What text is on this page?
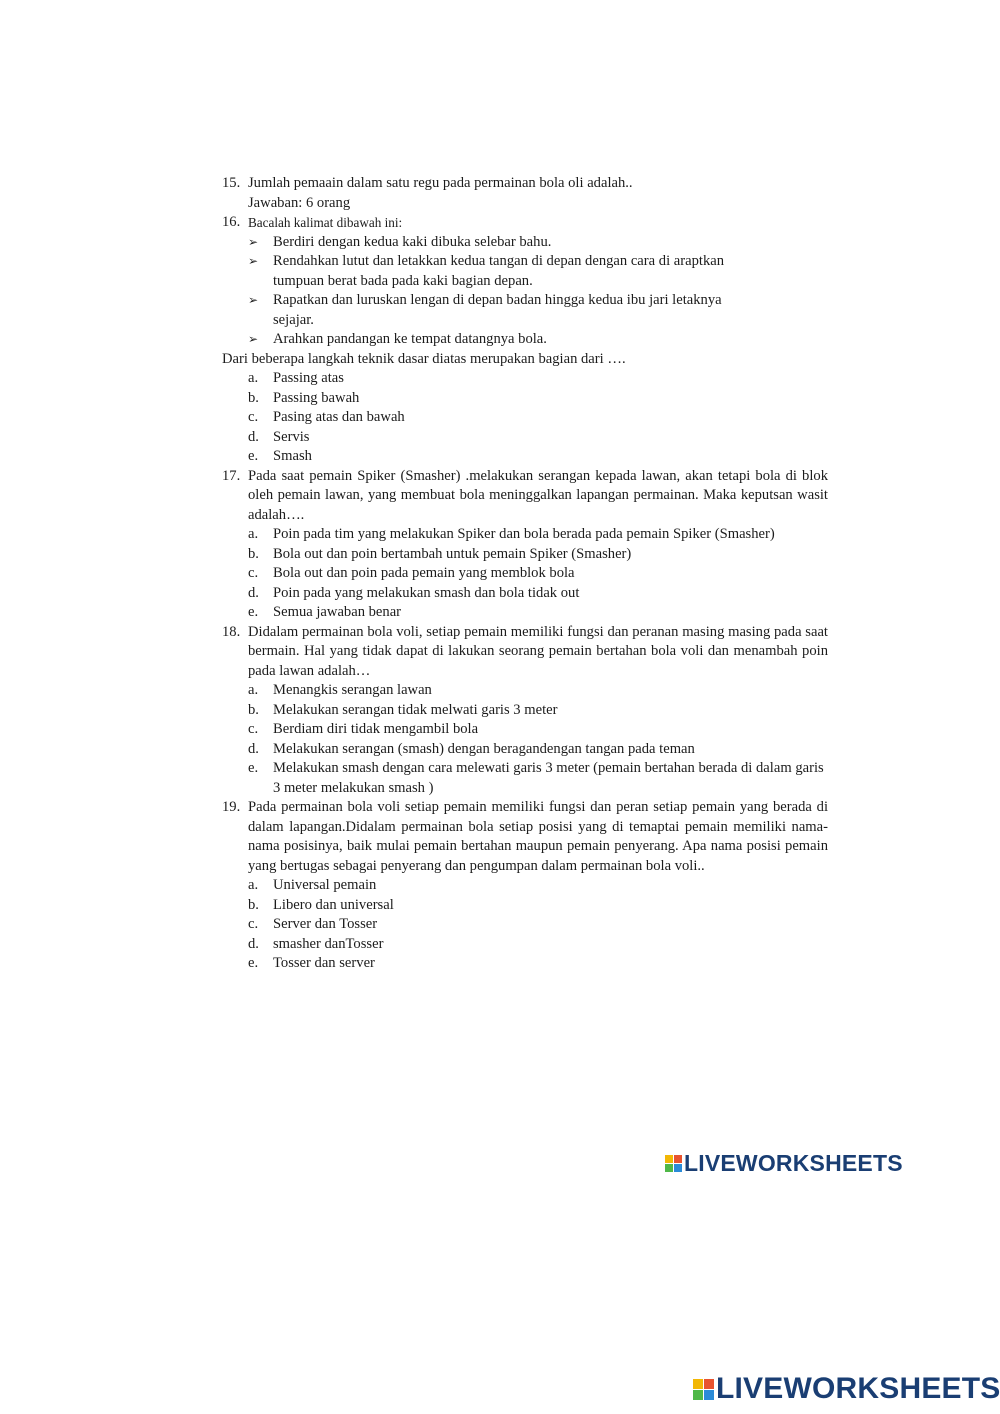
15. Jumlah pemaain dalam satu regu pada permainan bola oli adalah..
Jawaban: 6 orang
16. Bacalah kalimat dibawah ini:
➢ Berdiri dengan kedua kaki dibuka selebar bahu.
➢ Rendahkan lutut dan letakkan kedua tangan di depan dengan cara di araptkan
tumpuan berat bada pada kaki bagian depan.
➢ Rapatkan dan luruskan lengan di depan badan hingga kedua ibu jari letaknya
sejajar.
➢ Arahkan pandangan ke tempat datangnya bola.
Dari beberapa langkah teknik dasar diatas merupakan bagian dari ….
a. Passing atas
b. Passing bawah
c. Pasing atas dan bawah
d. Servis
e. Smash
17. Pada saat pemain Spiker (Smasher) .melakukan serangan kepada lawan, akan tetapi bola di blok oleh pemain lawan, yang membuat bola meninggalkan lapangan permainan. Maka keputsan wasit adalah….
a. Poin pada tim yang melakukan Spiker dan bola berada pada pemain Spiker (Smasher)
b. Bola out dan poin bertambah untuk pemain Spiker (Smasher)
c. Bola out dan poin pada pemain yang memblok bola
d. Poin pada yang melakukan smash dan bola tidak out
e. Semua jawaban benar
18. Didalam permainan bola voli, setiap pemain memiliki fungsi dan peranan masing masing pada saat bermain. Hal yang tidak dapat di lakukan seorang pemain bertahan bola voli dan menambah poin pada lawan adalah…
a. Menangkis serangan lawan
b. Melakukan serangan tidak melwati garis 3 meter
c. Berdiam diri tidak mengambil bola
d. Melakukan serangan (smash) dengan beragandengan tangan pada teman
e. Melakukan smash dengan cara melewati garis 3 meter (pemain bertahan berada di dalam garis 3 meter melakukan smash )
19. Pada permainan bola voli setiap pemain memiliki fungsi dan peran setiap pemain yang berada di dalam lapangan.Didalam permainan bola setiap posisi yang di temaptai pemain memiliki nama-nama posisinya, baik mulai pemain bertahan maupun pemain penyerang. Apa nama posisi pemain yang bertugas sebagai penyerang dan pengumpan dalam permainan bola voli..
a. Universal pemain
b. Libero dan universal
c. Server dan Tosser
d. smasher danTosser
e. Tosser dan server
LIVEWORKSHEETS
LIVEWORKSHEETS
